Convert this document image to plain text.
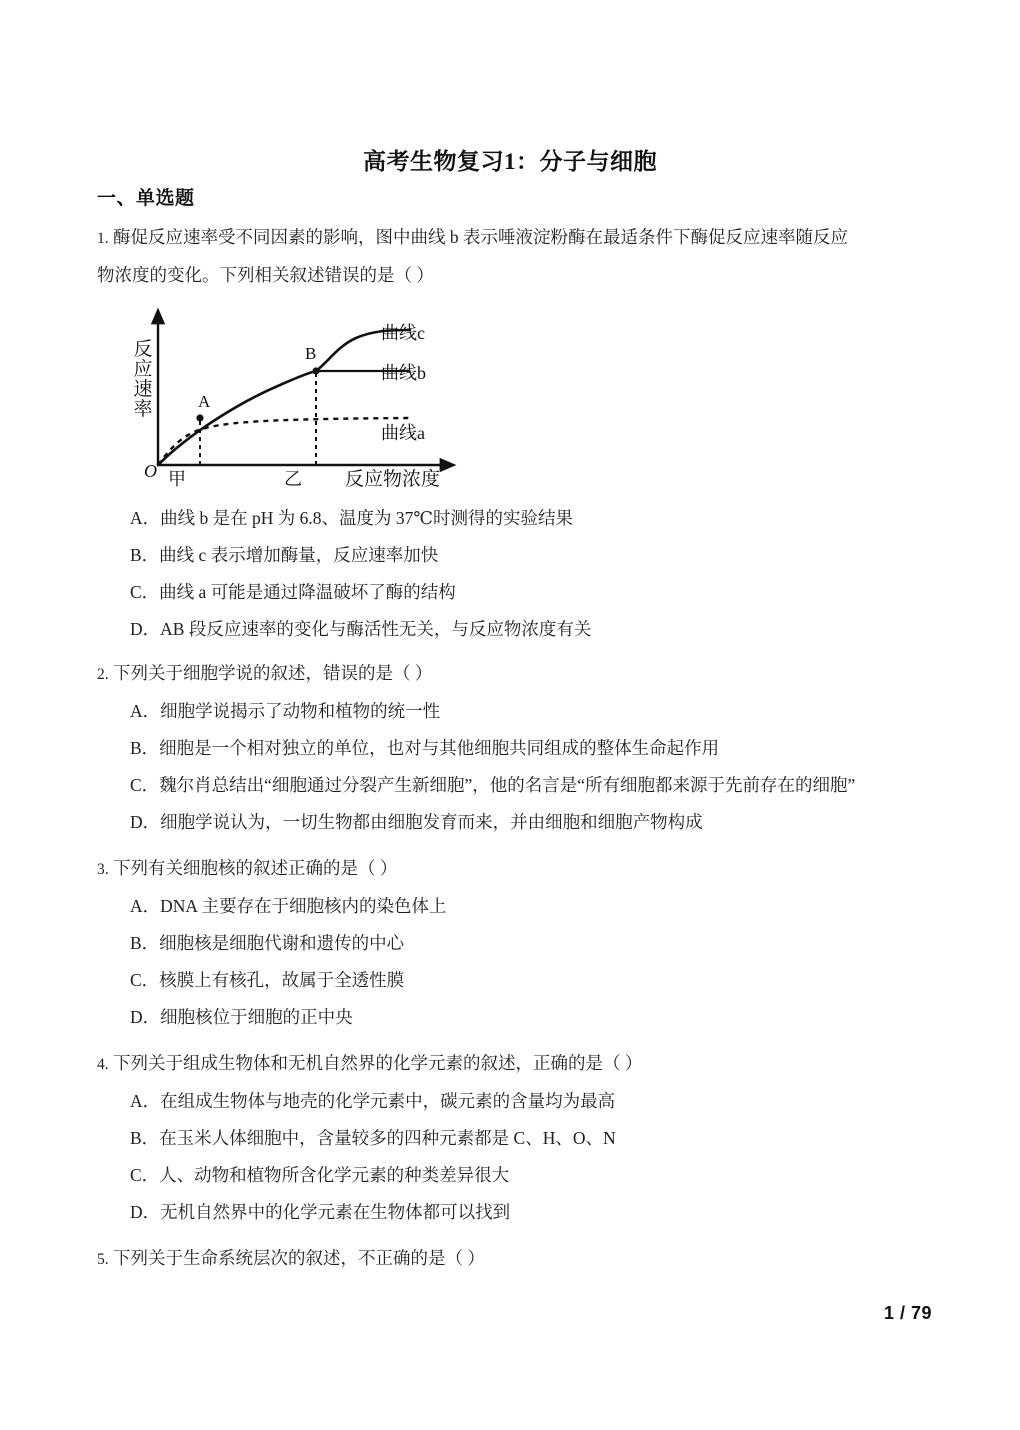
高考生物复习1：分子与细胞
一、单选题
1. 酶促反应速率受不同因素的影响，图中曲线 b 表示唾液淀粉酶在最适条件下酶促反应速率随反应
物浓度的变化。下列相关叙述错误的是（ ）
反
应
速
率	A
B
O 甲	乙 反应物浓度
曲线c
曲线b
曲线a
A．曲线 b 是在 pH 为 6.8、温度为 37℃时测得的实验结果
B．曲线 c 表示增加酶量，反应速率加快
C．曲线 a 可能是通过降温破坏了酶的结构
D．AB 段反应速率的变化与酶活性无关，与反应物浓度有关
2. 下列关于细胞学说的叙述，错误的是（ ）
A．细胞学说揭示了动物和植物的统一性
B．细胞是一个相对独立的单位，也对与其他细胞共同组成的整体生命起作用
C．魏尔肖总结出“细胞通过分裂产生新细胞”，他的名言是“所有细胞都来源于先前存在的细胞”
D．细胞学说认为，一切生物都由细胞发育而来，并由细胞和细胞产物构成
3. 下列有关细胞核的叙述正确的是（ ）
A．DNA 主要存在于细胞核内的染色体上
B．细胞核是细胞代谢和遗传的中心
C．核膜上有核孔，故属于全透性膜
D．细胞核位于细胞的正中央
4. 下列关于组成生物体和无机自然界的化学元素的叙述，正确的是（ ）
A．在组成生物体与地壳的化学元素中，碳元素的含量均为最高
B．在玉米人体细胞中，含量较多的四种元素都是 C、H、O、N
C．人、动物和植物所含化学元素的种类差异很大
D．无机自然界中的化学元素在生物体都可以找到
5. 下列关于生命系统层次的叙述，不正确的是（ ）
1 / 79
